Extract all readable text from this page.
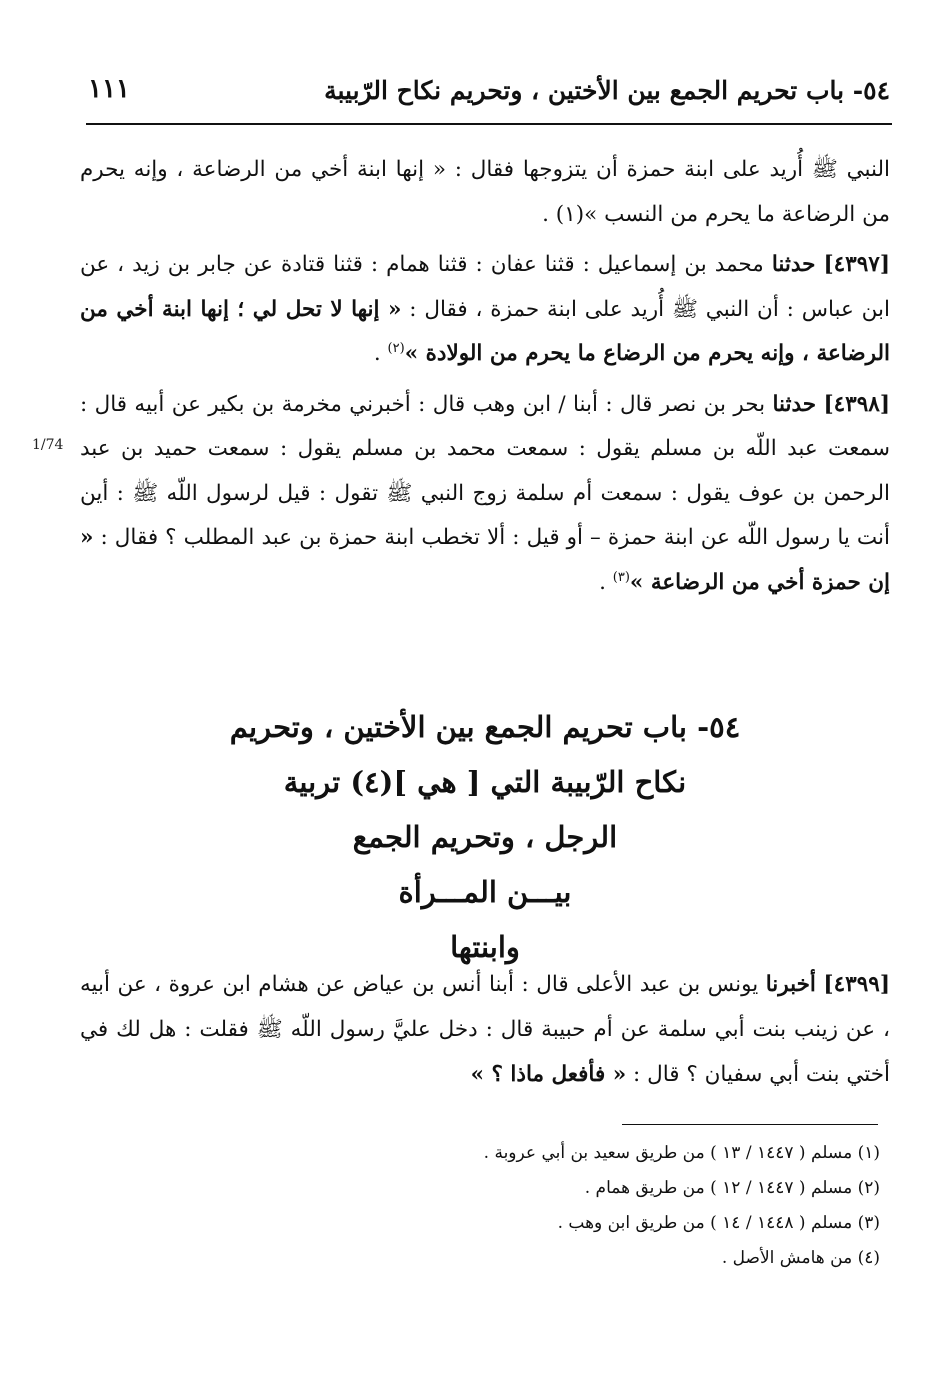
٥٤- باب تحريم الجمع بين الأختين ، وتحريم نكاح الرّبيبة
١١١
1/74

النبي ﷺ أُريد على ابنة حمزة أن يتزوجها فقال : « إنها ابنة أخي من الرضاعة ، وإنه يحرم من الرضاعة ما يحرم من النسب »(١) .

[٤٣٩٧] حدثنا محمد بن إسماعيل : قثنا عفان : قثنا همام : قثنا قتادة عن جابر بن زيد ، عن ابن عباس : أن النبي ﷺ أُريد على ابنة حمزة ، فقال : « إنها لا تحل لي ؛ إنها ابنة أخي من الرضاعة ، وإنه يحرم من الرضاع ما يحرم من الولادة »$^{(٢)}$ .

[٤٣٩٨] حدثنا بحر بن نصر قال : أبنا / ابن وهب قال : أخبرني مخرمة بن بكير عن أبيه قال : سمعت عبد اللّه بن مسلم يقول : سمعت محمد بن مسلم يقول : سمعت حميد بن عبد الرحمن بن عوف يقول : سمعت أم سلمة زوج النبي ﷺ تقول : قيل لرسول اللّه ﷺ : أين أنت يا رسول اللّه عن ابنة حمزة – أو قيل : ألا تخطب ابنة حمزة بن عبد المطلب ؟ فقال : « إن حمزة أخي من الرضاعة »$^{(٣)}$ .

٥٤- باب تحريم الجمع بين الأختين ، وتحريم
نكاح الرّبيبة التي [ هي ](٤) تربية
الرجل ، وتحريم الجمع
بيـــن المـــرأة
وابنتها
[٤٣٩٩] أخبرنا يونس بن عبد الأعلى قال : أبنا أنس بن عياض عن هشام ابن عروة ، عن أبيه ، عن زينب بنت أبي سلمة عن أم حبيبة قال : دخل عليَّ رسول اللّه ﷺ فقلت : هل لك في أختي بنت أبي سفيان ؟ قال : « فأفعل ماذا ؟ »
(١) مسلم ( ١٤٤٧ / ١٣ ) من طريق سعيد بن أبي عروبة .
(٢) مسلم ( ١٤٤٧ / ١٢ ) من طريق همام .
(٣) مسلم ( ١٤٤٨ / ١٤ ) من طريق ابن وهب .
(٤) من هامش الأصل .
